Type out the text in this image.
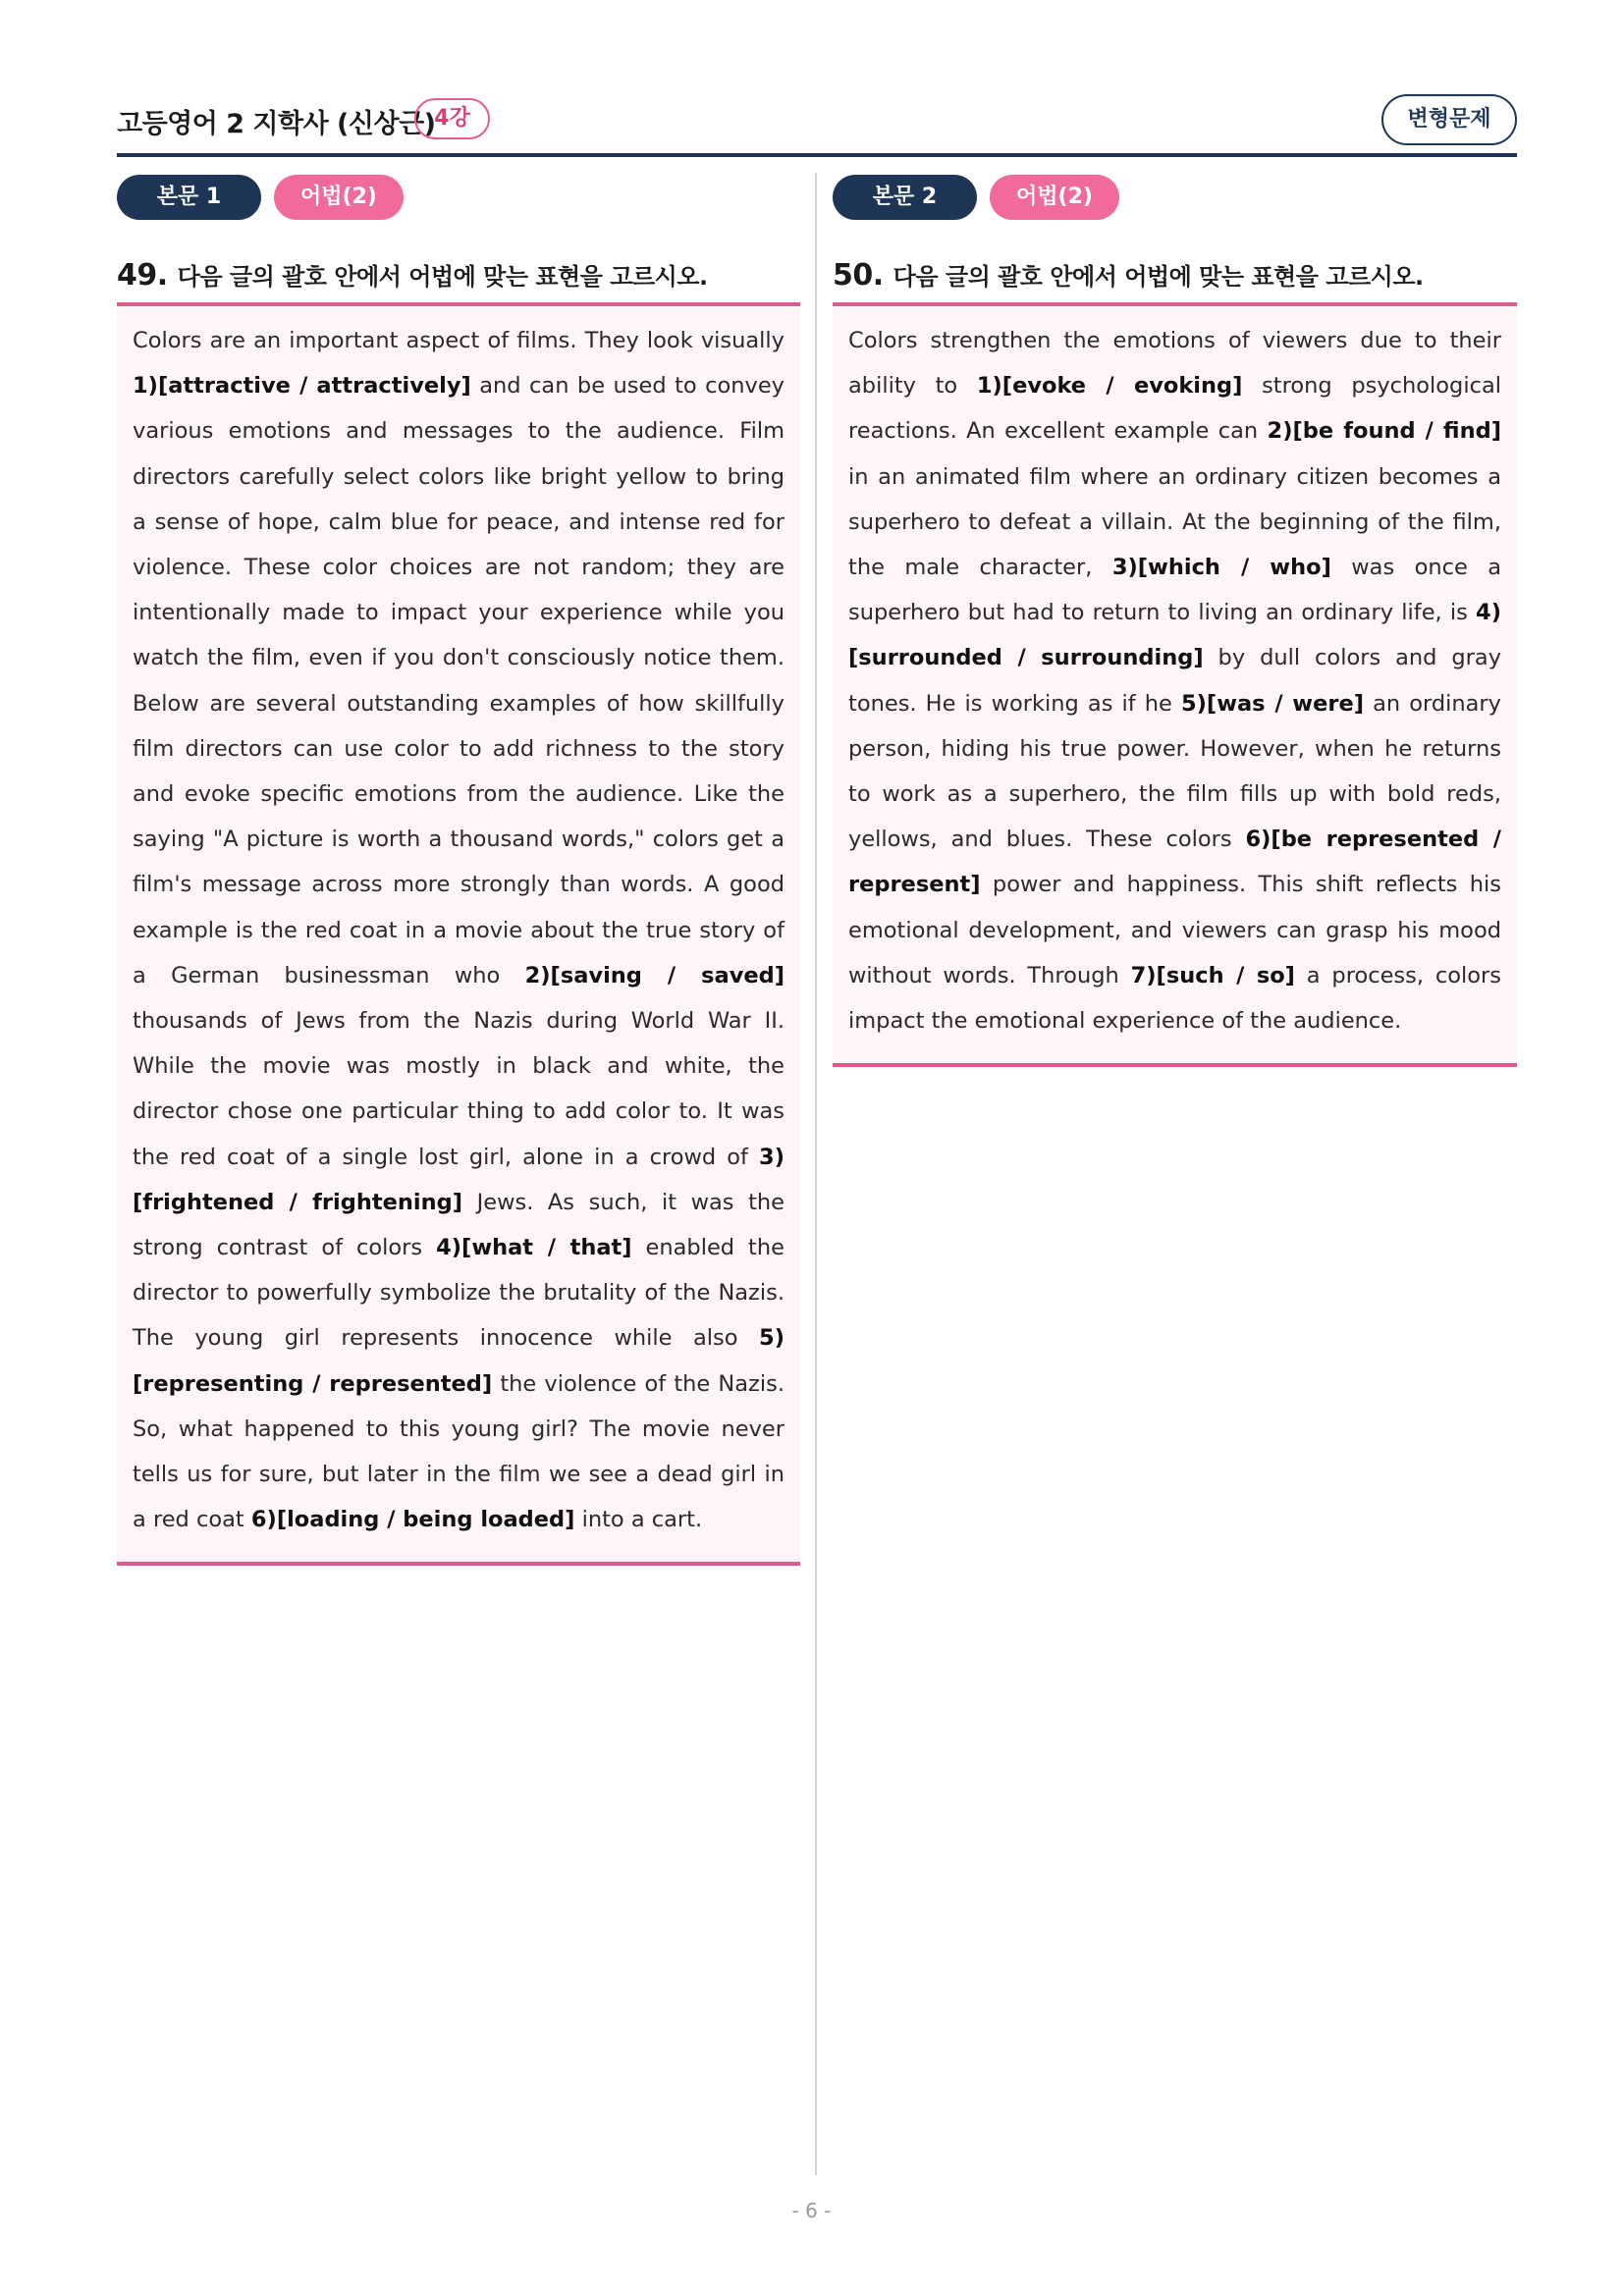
고등영어 2 지학사 (신상근)
4강	변형문제
본문 1	어법(2)
49. 다음 글의 괄호 안에서 어법에 맞는 표현을 고르시오.
Colors are an important aspect of films. They look visually 1)[attractive / attractively] and can be used to convey various emotions and messages to the audience. Film directors carefully select colors like bright yellow to bring a sense of hope, calm blue for peace, and intense red for violence. These color choices are not random; they are intentionally made to impact your experience while you watch the film, even if you don't consciously notice them. Below are several outstanding examples of how skillfully film directors can use color to add richness to the story and evoke specific emotions from the audience. Like the saying "A picture is worth a thousand words," colors get a film's message across more strongly than words. A good example is the red coat in a movie about the true story of a German businessman who 2)[saving / saved] thousands of Jews from the Nazis during World War II. While the movie was mostly in black and white, the director chose one particular thing to add color to. It was the red coat of a single lost girl, alone in a crowd of 3)[frightened / frightening] Jews. As such, it was the strong contrast of colors 4)[what / that] enabled the director to powerfully symbolize the brutality of the Nazis. The young girl represents innocence while also 5)[representing / represented] the violence of the Nazis. So, what happened to this young girl? The movie never tells us for sure, but later in the film we see a dead girl in a red coat 6)[loading / being loaded] into a cart.
본문 2	어법(2)
50. 다음 글의 괄호 안에서 어법에 맞는 표현을 고르시오.
Colors strengthen the emotions of viewers due to their ability to 1)[evoke / evoking] strong psychological reactions. An excellent example can 2)[be found / find] in an animated film where an ordinary citizen becomes a superhero to defeat a villain. At the beginning of the film, the male character, 3)[which / who] was once a superhero but had to return to living an ordinary life, is 4)[surrounded / surrounding] by dull colors and gray tones. He is working as if he 5)[was / were] an ordinary person, hiding his true power. However, when he returns to work as a superhero, the film fills up with bold reds, yellows, and blues. These colors 6)[be represented / represent] power and happiness. This shift reflects his emotional development, and viewers can grasp his mood without words. Through 7)[such / so] a process, colors impact the emotional experience of the audience.
- 6 -
